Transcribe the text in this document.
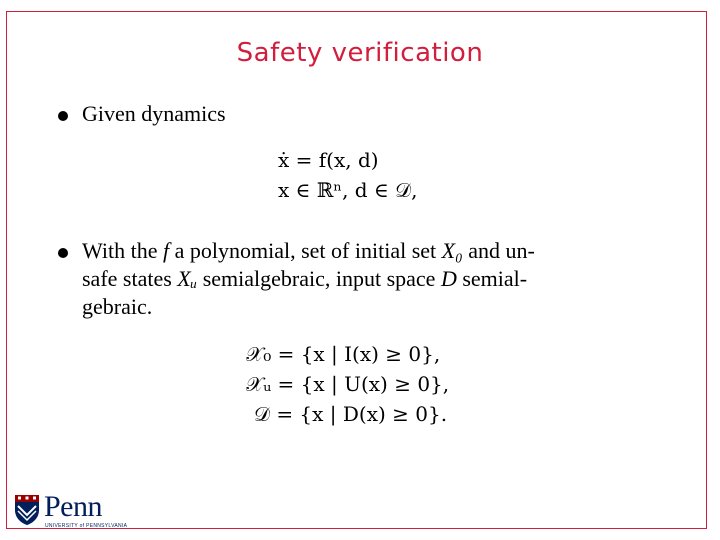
Safety verification
Given dynamics
ẋ = f(x, d)
x ∈ ℝⁿ, d ∈ 𝒟,
With the f a polynomial, set of initial set X₀ and un-
safe states Xᵤ semialgebraic, input space D semial-
gebraic.
𝒳₀ = {x | I(x) ≥ 0},
𝒳ᵤ = {x | U(x) ≥ 0},
𝒟 = {x | D(x) ≥ 0}.
Penn
UNIVERSITY of PENNSYLVANIA
